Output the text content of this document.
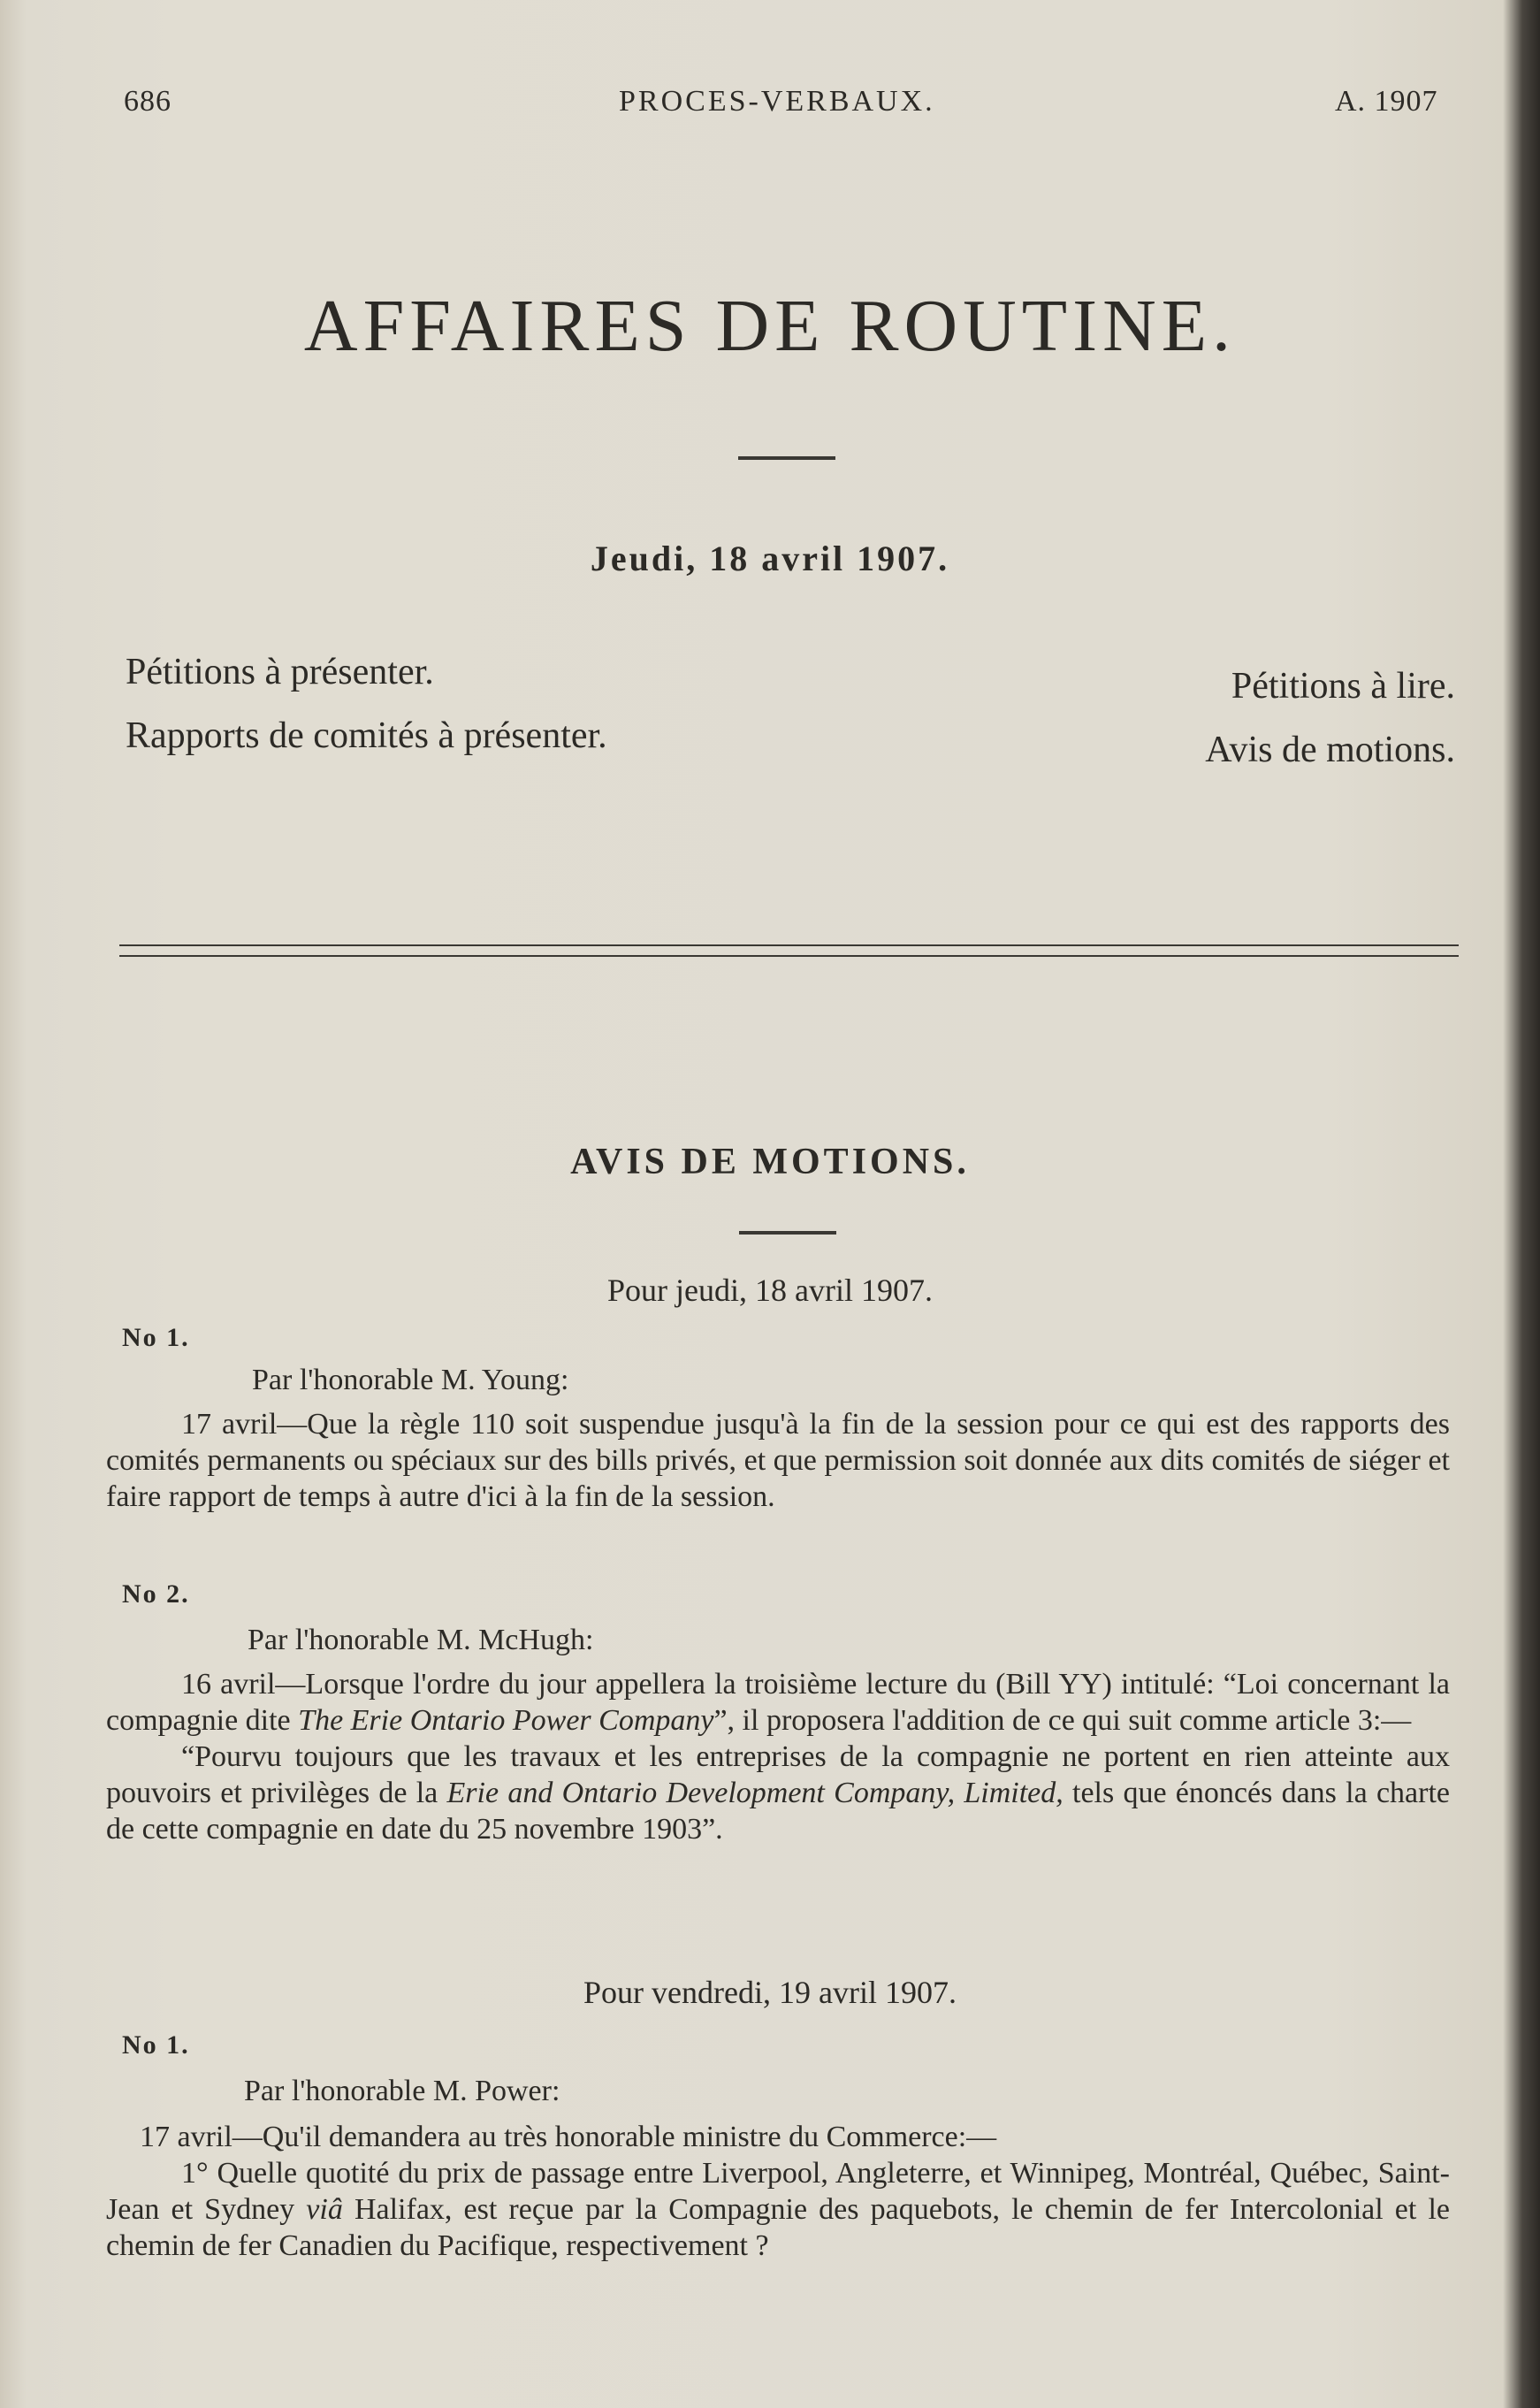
686	PROCES-VERBAUX.	A. 1907
AFFAIRES DE ROUTINE.
Jeudi, 18 avril 1907.
Pétitions à présenter.
Rapports de comités à présenter.
Pétitions à lire.
Avis de motions.
AVIS DE MOTIONS.
Pour jeudi, 18 avril 1907.
No 1.
Par l'honorable M. Young:

17 avril—Que la règle 110 soit suspendue jusqu'à la fin de la session pour ce qui est des rapports des comités permanents ou spéciaux sur des bills privés, et que permission soit donnée aux dits comités de siéger et faire rapport de temps à autre d'ici à la fin de la session.

No 2.
Par l'honorable M. McHugh:

16 avril—Lorsque l'ordre du jour appellera la troisième lecture du (Bill YY) intitulé: “Loi concernant la compagnie dite The Erie Ontario Power Company”, il proposera l'addition de ce qui suit comme article 3:—

“Pourvu toujours que les travaux et les entreprises de la compagnie ne portent en rien atteinte aux pouvoirs et privilèges de la Erie and Ontario Development Company, Limited, tels que énoncés dans la charte de cette compagnie en date du 25 novembre 1903”.

Pour vendredi, 19 avril 1907.
No 1.
Par l'honorable M. Power:

17 avril—Qu'il demandera au très honorable ministre du Commerce:—

1° Quelle quotité du prix de passage entre Liverpool, Angleterre, et Winnipeg, Montréal, Québec, Saint-Jean et Sydney viâ Halifax, est reçue par la Compagnie des paquebots, le chemin de fer Intercolonial et le chemin de fer Canadien du Pacifique, respectivement ?
